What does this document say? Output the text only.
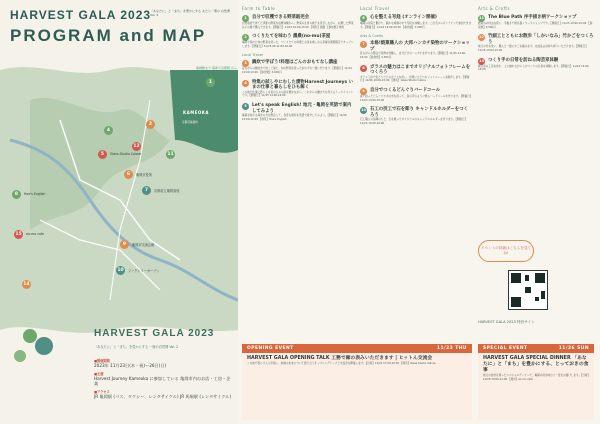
HARVEST GALA 2023
「あなたに」と「まち」を豊かにする あたら一冊の 自然博 Vol. 2
PROGRAM and MAP
亀岡駅まで 電車で京都駅 から約20分
KAMEOKA
京都府亀岡市
1
2
4
5	Glass Studio Calore
6	亀岡市役所
7	京都府立亀岡高校
8	Hoe's English
9	亀岡市交流会館
10	ファクトリーガーデン
11
12
14
15	eo-mo cafe
HARVEST GALA 2023
「あなたに」と「まち」を豊かにする 一冊の自然博 Vol. 2
■開催期間
2023年 11月23日(木・祝)〜26日(日)
■主催
Harvest Journey Kameoka に参加している 亀岡市内のお店・工房・企業
■アクセス
JR 亀岡駅 (バス、タクシー、レンタサイクル) JR 馬堀駅 (レンタサイクル)
Farm to Table
1	自分で収穫できる野菜販売会
自然栽培で育てた季節の野菜を収穫体験から。野菜の生育の様子を見学しながら、収穫した野菜はその場で購入できます。【開催日】11/23 10:00-15:00 【場所】農園 【参加費】無料
2	つくりたてを味わう 濃農(no-mu)茶屋
亀岡で採れた旬の野菜を使った、つくりたての料理とお茶を楽しめる茶屋が期間限定でオープンします。【開催日】11/23-26 11:00-16:00
Local Travel
3	鍋炊で学ぼう!料理はごんのおもてなし講座
昔ながらの鍋炊きで炊くご飯と、旬の野菜を使ったおかずを一緒に作ります。【開催日】11/24 10:00-13:00 【参加費】3,000円
4	特集の試しやにむした漬物Harvest Journeys いまの仕事と暮らしをひも解く
この地で仕事と暮らしを営む人々の話を聞きながら、これからの働き方を考えるトークイベントです。【開催日】11/25 14:00-16:00
5	Let's speak English! 地元・亀岡を英語で案内してみよう
亀岡を訪れる海外の方を想定して、身近な場所を英語で紹介してみよう。【開催日】11/26 10:00-12:00 【場所】Hoe's English
Local Travel
6	心を整える写経 (オンライン開催)
亀岡の寺院と繋がり、静かな時間の中で写経を体験します。ご自宅からオンラインで参加できます。【開催日】11/24 19:00-20:30 【参加費】1,000円
Arts & Crafts
7	本格!焼菓職人の 大邦ハンカチ染物のワークショップ
昔ながらの製法で染物を体験し、自分だけのハンカチを作ります。【開催日】11/25 13:00-16:00 【参加費】2,500円
8	ガラスの魅力はこまでオリジナルフォトフレームをつくろう
ガラス工房で色とりどりのガラスを使い、世界にひとつのフォトフレームを制作します。【開催日】11/26 10:00-15:00 【場所】Glass Studio Calore
9	自分でつくるどんぐりバードコール
森で拾ったどんぐりや木の実を使って、鳥の声のように鳴るバードコールを作ります。【開催日】11/23 13:00-15:00
10 石工の技工で石を彫り キャンドルホルダーをつくろう
石工職人の指導のもと、石を彫ってオリジナルのキャンドルホルダーを作ります。【開催日】11/24 10:00-16:00
Arts & Crafts
11 The Blue Path 序手描き柄ワークショップ
藍染めの技法を使い、手描きで柄を描くワークショップです。【開催日】11/25 10:00-15:00 【参加費】3,500円
12 竹細工とともにお散歩「しかいなみ」竹かごをつくろう
地元の竹を使い、職人と一緒にかごを編みます。完成品はお持ち帰りいただけます。【開催日】11/26 10:00-15:00
13 つくり手の日常を訪ねる陶芸家体験
陶芸家の工房を訪れ、土に触れながらものづくりの日常を体験します。【開催日】11/24 13:00-16:00
イベントの詳細はこちらを見てね!
HARVEST GALA 2023 特設サイト
OPENING EVENT	11/23 THU
HARVEST GALA OPENING TALK 工務で廊の表みいただきます | ヒットん交流会
この地で暮らす人々が集い、地域の未来について語り合うオープニングトークと交流会を開催します。【日時】11/23 17:00-19:30 【場所】Glass Studio Calore
SPECIAL EVENT	11/26 SUN
HARVEST GALA SPECIAL DINNER 「あなたに」と「まち」を豊かにする、とっておきの食事
地元の食材を使ったスペシャルディナーで、亀岡の秋を味わう一夜をお届けします。【日時】11/26 18:00-21:00 【場所】ex.mo café
